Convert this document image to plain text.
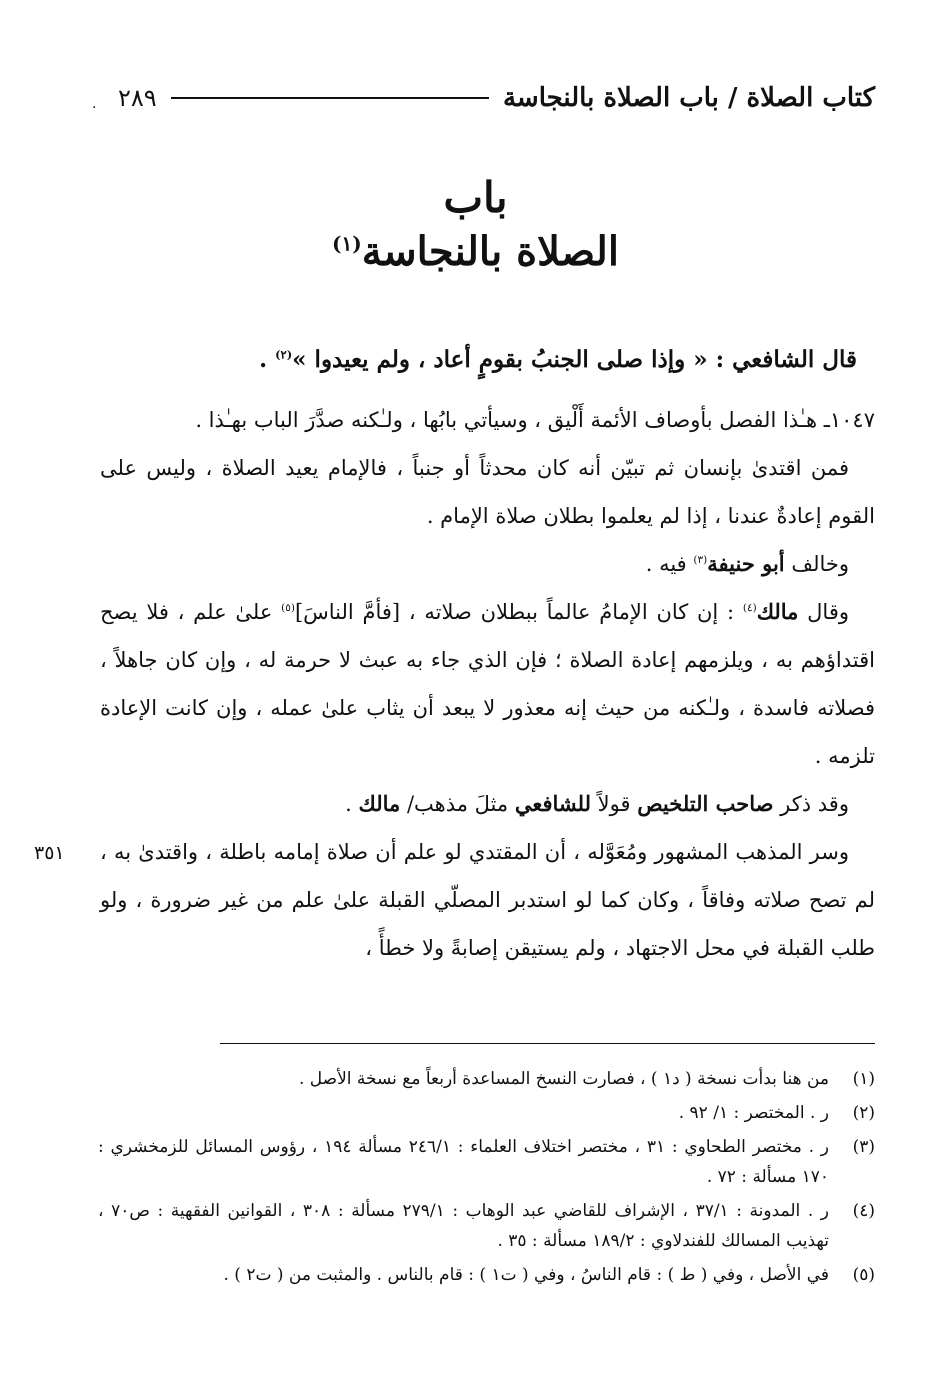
كتاب الصلاة / باب الصلاة بالنجاسة
٢٨٩
.
باب
الصلاة بالنجاسة$^{(١)}$

قال الشافعي : « وإذا صلى الجنبُ بقومٍ أعاد ، ولم يعيدوا »$^{(٢)}$ .

١٠٤٧ـ هـٰذا الفصل بأوصاف الأئمة أَلْيق ، وسيأتي بابُها ، ولـٰكنه صدَّرَ الباب بهـٰذا .

فمن اقتدىٰ بإنسان ثم تبيّن أنه كان محدثاً أو جنباً ، فالإمام يعيد الصلاة ، وليس على القوم إعادةٌ عندنا ، إذا لم يعلموا بطلان صلاة الإمام .

وخالف أبو حنيفة$^{(٣)}$ فيه .

وقال مالك$^{(٤)}$ : إن كان الإمامُ عالماً ببطلان صلاته ، [فأمَّ الناسَ]$^{(٥)}$ علىٰ علم ، فلا يصح اقتداؤهم به ، ويلزمهم إعادة الصلاة ؛ فإن الذي جاء به عبث لا حرمة له ، وإن كان جاهلاً ، فصلاته فاسدة ، ولـٰكنه من حيث إنه معذور لا يبعد أن يثاب علىٰ عمله ، وإن كانت الإعادة تلزمه .

وقد ذكر صاحب التلخيص قولاً للشافعي مثلَ مذهب/ مالك .

وسر المذهب المشهور ومُعَوَّله ، أن المقتدي لو علم أن صلاة إمامه باطلة ، واقتدىٰ به ، لم تصح صلاته وفاقاً ، وكان كما لو استدبر المصلّي القبلة علىٰ علم من غير ضرورة ، ولو طلب القبلة في محل الاجتهاد ، ولم يستيقن إصابةً ولا خطأً ،

٣٥١
(١)
من هنا بدأت نسخة ( د١ ) ، فصارت النسخ المساعدة أربعاً مع نسخة الأصل .
(٢)
ر . المختصر : ١/ ٩٢ .
(٣)
ر . مختصر الطحاوي : ٣١ ، مختصر اختلاف العلماء : ٢٤٦/١ مسألة ١٩٤ ، رؤوس المسائل للزمخشري : ١٧٠ مسألة : ٧٢ .
(٤)
ر . المدونة : ٣٧/١ ، الإشراف للقاضي عبد الوهاب : ٢٧٩/١ مسألة : ٣٠٨ ، القوانين الفقهية : ص٧٠ ، تهذيب المسالك للفندلاوي : ١٨٩/٢ مسألة : ٣٥ .
(٥)
في الأصل ، وفي ( ط ) : قام الناسُ ، وفي ( ت١ ) : قام بالناس . والمثبت من ( ت٢ ) .
